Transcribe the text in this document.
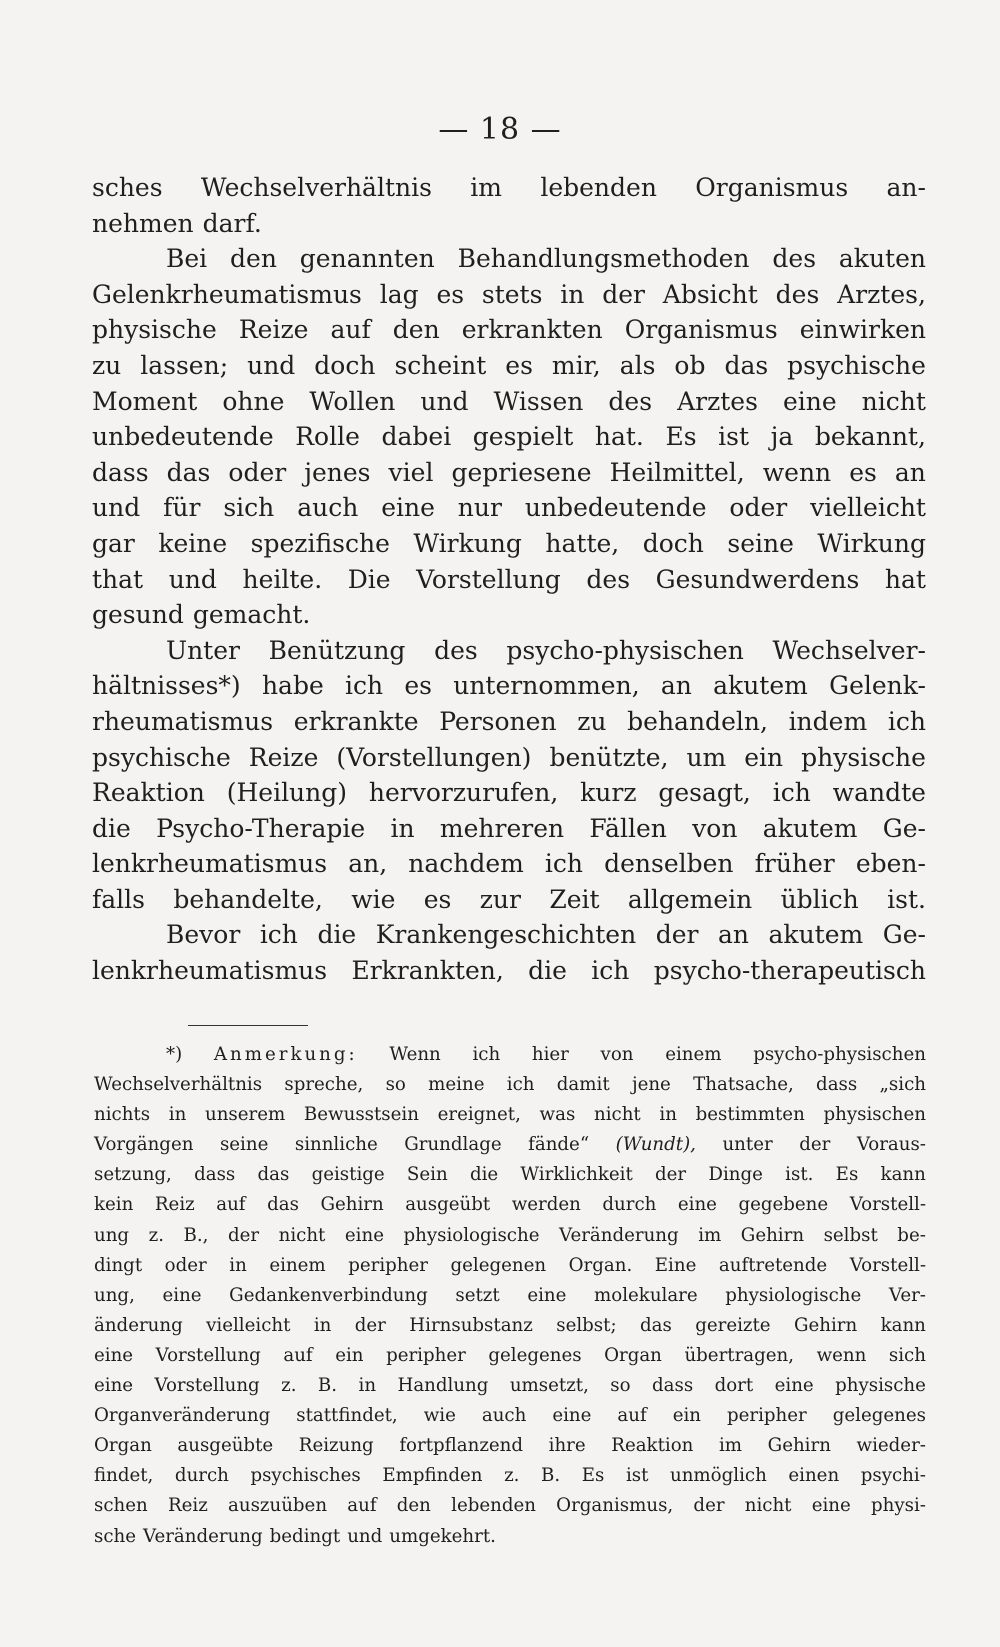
— 18 —
sches Wechselverhältnis im lebenden Organismus an-
nehmen darf.
Bei den genannten Behandlungsmethoden des akuten
Gelenkrheumatismus lag es stets in der Absicht des Arztes,
physische Reize auf den erkrankten Organismus einwirken
zu lassen; und doch scheint es mir, als ob das psychische
Moment ohne Wollen und Wissen des Arztes eine nicht
unbedeutende Rolle dabei gespielt hat. Es ist ja bekannt,
dass das oder jenes viel gepriesene Heilmittel, wenn es an
und für sich auch eine nur unbedeutende oder vielleicht
gar keine spezifische Wirkung hatte, doch seine Wirkung
that und heilte. Die Vorstellung des Gesundwerdens hat
gesund gemacht.
Unter Benützung des psycho-physischen Wechselver-
hältnisses*) habe ich es unternommen, an akutem Gelenk-
rheumatismus erkrankte Personen zu behandeln, indem ich
psychische Reize (Vorstellungen) benützte, um ein physische
Reaktion (Heilung) hervorzurufen, kurz gesagt, ich wandte
die Psycho-Therapie in mehreren Fällen von akutem Ge-
lenkrheumatismus an, nachdem ich denselben früher eben-
falls behandelte, wie es zur Zeit allgemein üblich ist.
Bevor ich die Krankengeschichten der an akutem Ge-
lenkrheumatismus Erkrankten, die ich psycho-therapeutisch
*) Anmerkung: Wenn ich hier von einem psycho-physischen
Wechselverhältnis spreche, so meine ich damit jene Thatsache, dass „sich
nichts in unserem Bewusstsein ereignet, was nicht in bestimmten physischen
Vorgängen seine sinnliche Grundlage fände“ (Wundt), unter der Voraus-
setzung, dass das geistige Sein die Wirklichkeit der Dinge ist. Es kann
kein Reiz auf das Gehirn ausgeübt werden durch eine gegebene Vorstell-
ung z. B., der nicht eine physiologische Veränderung im Gehirn selbst be-
dingt oder in einem peripher gelegenen Organ. Eine auftretende Vorstell-
ung, eine Gedankenverbindung setzt eine molekulare physiologische Ver-
änderung vielleicht in der Hirnsubstanz selbst; das gereizte Gehirn kann
eine Vorstellung auf ein peripher gelegenes Organ übertragen, wenn sich
eine Vorstellung z. B. in Handlung umsetzt, so dass dort eine physische
Organveränderung stattfindet, wie auch eine auf ein peripher gelegenes
Organ ausgeübte Reizung fortpflanzend ihre Reaktion im Gehirn wieder-
findet, durch psychisches Empfinden z. B. Es ist unmöglich einen psychi-
schen Reiz auszuüben auf den lebenden Organismus, der nicht eine physi-
sche Veränderung bedingt und umgekehrt.
